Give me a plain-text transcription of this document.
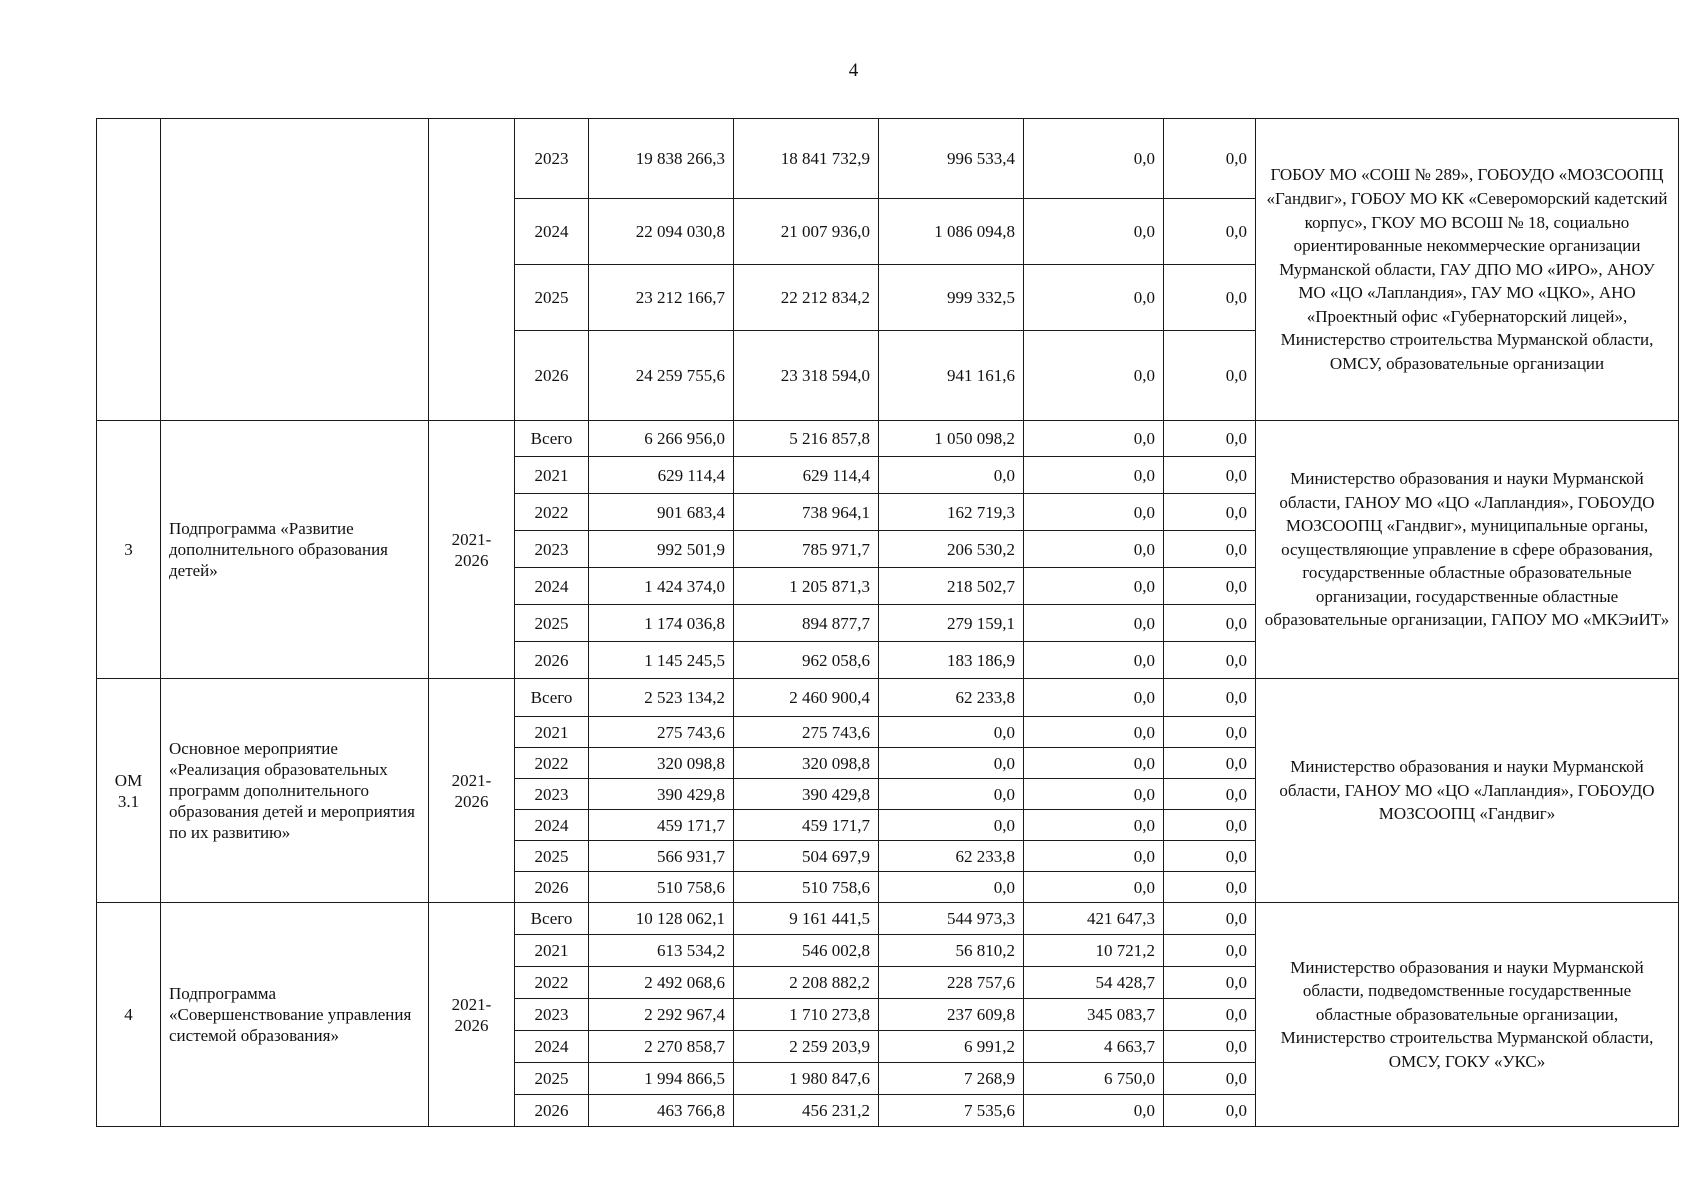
4
			2023	19 838 266,3	18 841 732,9	996 533,4	0,0	0,0	ГОБОУ МО «СОШ № 289», ГОБОУДО «МОЗСООПЦ «Гандвиг», ГОБОУ МО КК «Североморский кадетский корпус», ГКОУ МО ВСОШ № 18, социально ориентированные некоммерческие организации Мурманской области, ГАУ ДПО МО «ИРО», АНОУ МО «ЦО «Лапландия», ГАУ МО «ЦКО», АНО «Проектный офис «Губернаторский лицей», Министерство строительства Мурманской области, ОМСУ, образовательные организации
			2024	22 094 030,8	21 007 936,0	1 086 094,8	0,0	0,0	
			2025	23 212 166,7	22 212 834,2	999 332,5	0,0	0,0	
			2026	24 259 755,6	23 318 594,0	941 161,6	0,0	0,0	
3	Подпрограмма «Развитие дополнительного образования детей»	2021-2026	Всего	6 266 956,0	5 216 857,8	1 050 098,2	0,0	0,0	Министерство образования и науки Мурманской области, ГАНОУ МО «ЦО «Лапландия», ГОБОУДО МОЗСООПЦ «Гандвиг», муниципальные органы, осуществляющие управление в сфере образования, государственные областные образовательные организации, государственные областные образовательные организации, ГАПОУ МО «МКЭиИТ»
			2021	629 114,4	629 114,4	0,0	0,0	0,0	
			2022	901 683,4	738 964,1	162 719,3	0,0	0,0	
			2023	992 501,9	785 971,7	206 530,2	0,0	0,0	
			2024	1 424 374,0	1 205 871,3	218 502,7	0,0	0,0	
			2025	1 174 036,8	894 877,7	279 159,1	0,0	0,0	
			2026	1 145 245,5	962 058,6	183 186,9	0,0	0,0	
ОМ 3.1	Основное мероприятие «Реализация образовательных программ дополнительного образования детей и мероприятия по их развитию»	2021-2026	Всего	2 523 134,2	2 460 900,4	62 233,8	0,0	0,0	Министерство образования и науки Мурманской области, ГАНОУ МО «ЦО «Лапландия», ГОБОУДО МОЗСООПЦ «Гандвиг»
			2021	275 743,6	275 743,6	0,0	0,0	0,0	
			2022	320 098,8	320 098,8	0,0	0,0	0,0	
			2023	390 429,8	390 429,8	0,0	0,0	0,0	
			2024	459 171,7	459 171,7	0,0	0,0	0,0	
			2025	566 931,7	504 697,9	62 233,8	0,0	0,0	
			2026	510 758,6	510 758,6	0,0	0,0	0,0	
4	Подпрограмма «Совершенствование управления системой образования»	2021-2026	Всего	10 128 062,1	9 161 441,5	544 973,3	421 647,3	0,0	Министерство образования и науки Мурманской области, подведомственные государственные областные образовательные организации, Министерство строительства Мурманской области, ОМСУ, ГОКУ «УКС»
			2021	613 534,2	546 002,8	56 810,2	10 721,2	0,0	
			2022	2 492 068,6	2 208 882,2	228 757,6	54 428,7	0,0	
			2023	2 292 967,4	1 710 273,8	237 609,8	345 083,7	0,0	
			2024	2 270 858,7	2 259 203,9	6 991,2	4 663,7	0,0	
			2025	1 994 866,5	1 980 847,6	7 268,9	6 750,0	0,0	
			2026	463 766,8	456 231,2	7 535,6	0,0	0,0	
